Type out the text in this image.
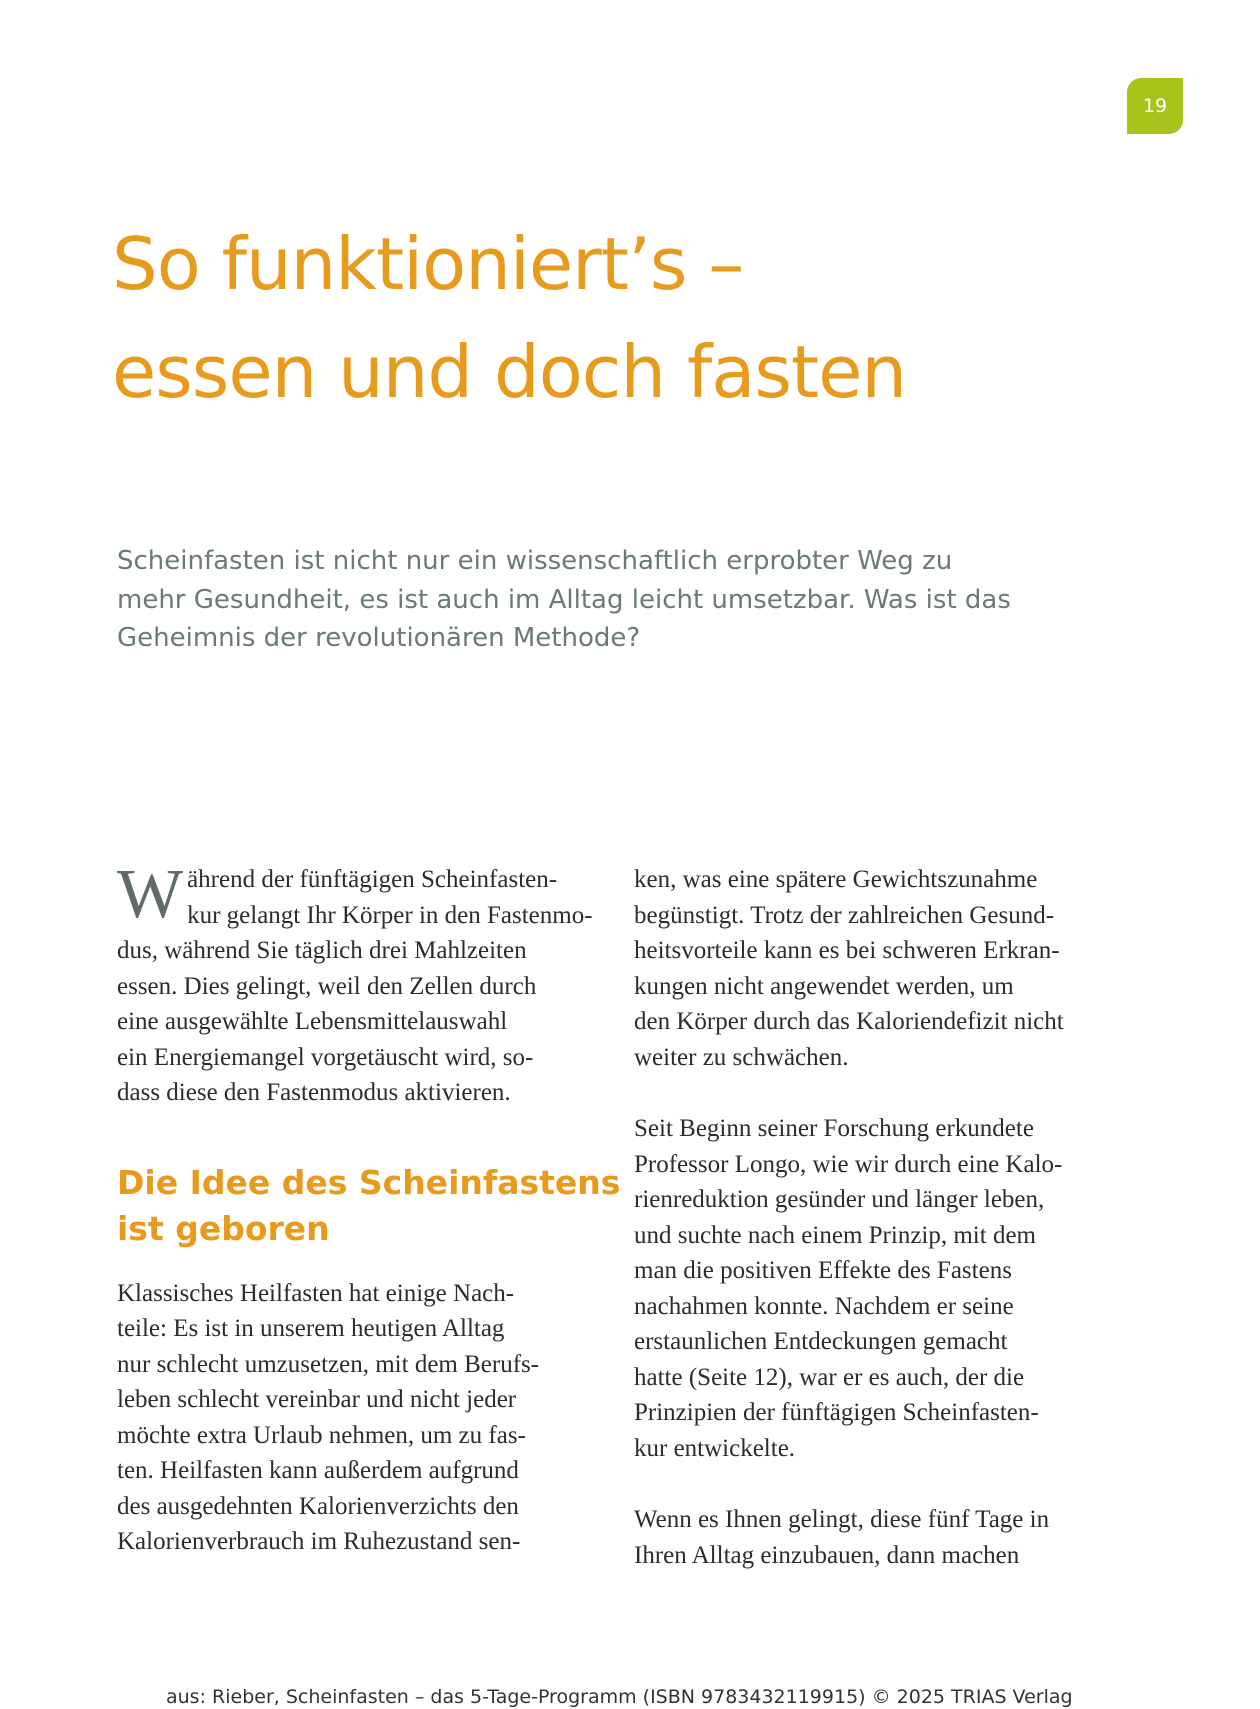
19
So funktioniert’s –
essen und doch fasten
Scheinfasten ist nicht nur ein wissenschaftlich erprobter Weg zu
mehr Gesundheit, es ist auch im Alltag leicht umsetzbar. Was ist das
Geheimnis der revolutionären Methode?
W ährend der fünftägigen Scheinfasten-
kur gelangt Ihr Körper in den Fastenmo-
dus, während Sie täglich drei Mahlzeiten
essen. Dies gelingt, weil den Zellen durch
eine ausgewählte Lebensmittelauswahl
ein Energiemangel vorgetäuscht wird, so-
dass diese den Fastenmodus aktivieren.
Die Idee des Scheinfastens
ist geboren
Klassisches Heilfasten hat einige Nach-
teile: Es ist in unserem heutigen Alltag
nur schlecht umzusetzen, mit dem Berufs-
leben schlecht vereinbar und nicht jeder
möchte extra Urlaub nehmen, um zu fas-
ten. Heilfasten kann außerdem aufgrund
des ausgedehnten Kalorienverzichts den
Kalorienverbrauch im Ruhezustand sen-
ken, was eine spätere Gewichtszunahme
begünstigt. Trotz der zahlreichen Gesund-
heitsvorteile kann es bei schweren Erkran-
kungen nicht angewendet werden, um
den Körper durch das Kaloriendefizit nicht
weiter zu schwächen.
Seit Beginn seiner Forschung erkundete
Professor Longo, wie wir durch eine Kalo-
rienreduktion gesünder und länger leben,
und suchte nach einem Prinzip, mit dem
man die positiven Effekte des Fastens
nachahmen konnte. Nachdem er seine
erstaunlichen Entdeckungen gemacht
hatte (Seite 12), war er es auch, der die
Prinzipien der fünftägigen Scheinfasten-
kur entwickelte.
Wenn es Ihnen gelingt, diese fünf Tage in
Ihren Alltag einzubauen, dann machen
aus: Rieber, Scheinfasten – das 5-Tage-Programm (ISBN 9783432119915) © 2025 TRIAS Verlag
